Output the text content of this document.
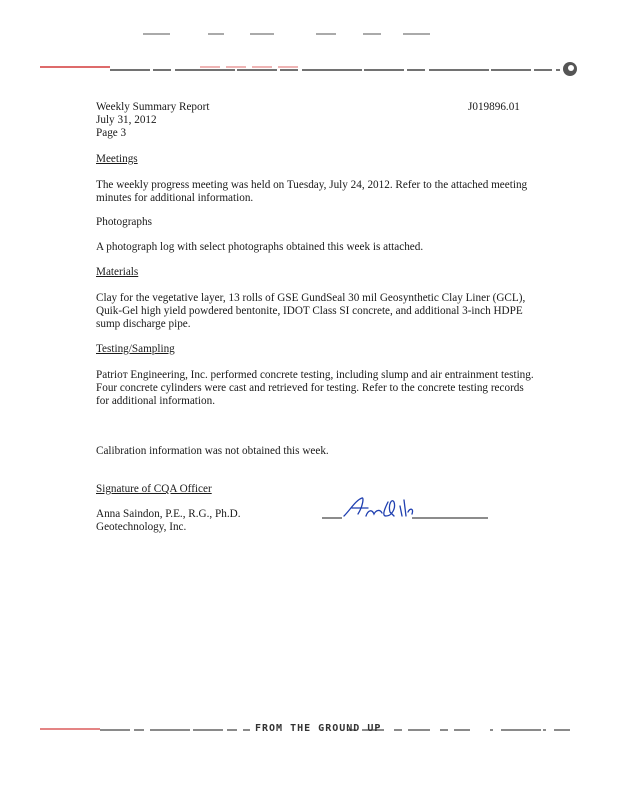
Weekly Summary Report
July 31, 2012
Page 3
J019896.01
Meetings
The weekly progress meeting was held on Tuesday, July 24, 2012. Refer to the attached meeting
minutes for additional information.
Photographs
A photograph log with select photographs obtained this week is attached.
Materials
Clay for the vegetative layer, 13 rolls of GSE GundSeal 30 mil Geosynthetic Clay Liner (GCL),
Quik-Gel high yield powdered bentonite, IDOT Class SI concrete, and additional 3-inch HDPE
sump discharge pipe.
Testing/Sampling
Patrioт Engineering, Inc. performed concrete testing, including slump and air entrainment testing.
Four concrete cylinders were cast and retrieved for testing. Refer to the concrete testing records
for additional information.
Calibration information was not obtained this week.
Signature of CQA Officer
Anna Saindon, P.E., R.G., Ph.D.
Geotechnology, Inc.
FROM THE GROUND UP
